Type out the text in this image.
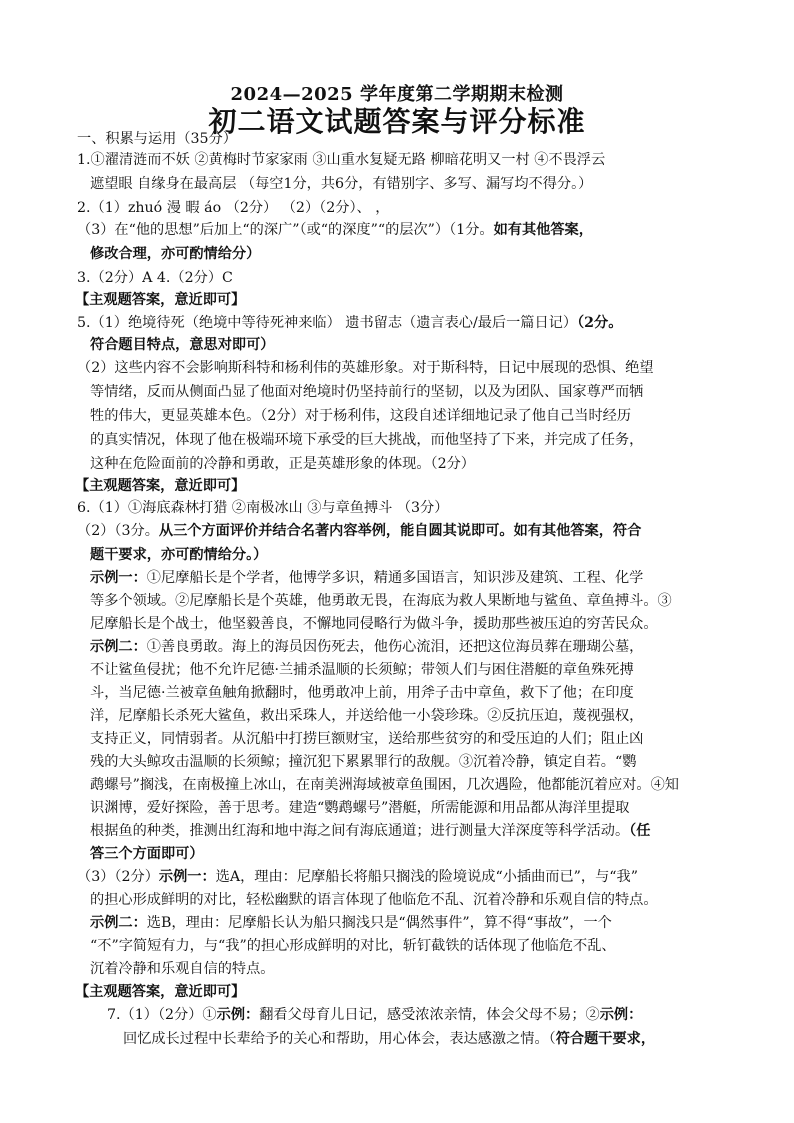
2024—2025 学年度第二学期期末检测
初二语文试题答案与评分标准
一、积累与运用（35分）
1.①濯清涟而不妖 ②黄梅时节家家雨 ③山重水复疑无路 柳暗花明又一村 ④不畏浮云
遮望眼 自缘身在最高层 （每空1分，共6分，有错别字、多写、漏写均不得分。）
2.（1）zhuó 漫 暇 áo （2分） （2）（2分）、 ，
（3）在“他的思想”后加上“的深广”（或“的深度”“的层次”）（1分。如有其他答案，
修改合理，亦可酌情给分）
3.（2分）A 4.（2分）C
【主观题答案，意近即可】
5.（1）绝境待死（绝境中等待死神来临） 遗书留志（遗言表心/最后一篇日记）（2分。
符合题目特点，意思对即可）
（2）这些内容不会影响斯科特和杨利伟的英雄形象。对于斯科特，日记中展现的恐惧、绝望
等情绪，反而从侧面凸显了他面对绝境时仍坚持前行的坚韧，以及为团队、国家尊严而牺
牲的伟大，更显英雄本色。（2分）对于杨利伟，这段自述详细地记录了他自己当时经历
的真实情况，体现了他在极端环境下承受的巨大挑战，而他坚持了下来，并完成了任务，
这种在危险面前的冷静和勇敢，正是英雄形象的体现。（2分）
【主观题答案，意近即可】
6.（1）①海底森林打猎 ②南极冰山 ③与章鱼搏斗 （3分）
（2）（3分。从三个方面评价并结合名著内容举例，能自圆其说即可。如有其他答案，符合
题干要求，亦可酌情给分。）
示例一：①尼摩船长是个学者，他博学多识，精通多国语言，知识涉及建筑、工程、化学
等多个领域。②尼摩船长是个英雄，他勇敢无畏，在海底为救人果断地与鲨鱼、章鱼搏斗。③
尼摩船长是个战士，他坚毅善良，不懈地同侵略行为做斗争，援助那些被压迫的穷苦民众。
示例二：①善良勇敢。海上的海员因伤死去，他伤心流泪，还把这位海员葬在珊瑚公墓，
不让鲨鱼侵扰；他不允许尼德·兰捕杀温顺的长须鲸；带领人们与困住潜艇的章鱼殊死搏
斗，当尼德·兰被章鱼触角掀翻时，他勇敢冲上前，用斧子击中章鱼，救下了他；在印度
洋，尼摩船长杀死大鲨鱼，救出采珠人，并送给他一小袋珍珠。②反抗压迫，蔑视强权，
支持正义，同情弱者。从沉船中打捞巨额财宝，送给那些贫穷的和受压迫的人们；阻止凶
残的大头鲸攻击温顺的长须鲸；撞沉犯下累累罪行的敌舰。③沉着冷静，镇定自若。“鹦
鹉螺号”搁浅，在南极撞上冰山，在南美洲海域被章鱼围困，几次遇险，他都能沉着应对。④知
识渊博，爱好探险，善于思考。建造“鹦鹉螺号”潜艇，所需能源和用品都从海洋里提取
根据鱼的种类，推测出红海和地中海之间有海底通道；进行测量大洋深度等科学活动。（任
答三个方面即可）
（3）（2分）示例一：选A，理由：尼摩船长将船只搁浅的险境说成“小插曲而已”，与“我”
的担心形成鲜明的对比，轻松幽默的语言体现了他临危不乱、沉着冷静和乐观自信的特点。
示例二：选B，理由：尼摩船长认为船只搁浅只是“偶然事件”，算不得“事故”，一个
“不”字简短有力，与“我”的担心形成鲜明的对比，斩钉截铁的话体现了他临危不乱、
沉着冷静和乐观自信的特点。
【主观题答案，意近即可】
7.（1）（2分）①示例：翻看父母育儿日记，感受浓浓亲情，体会父母不易；②示例：
回忆成长过程中长辈给予的关心和帮助，用心体会，表达感激之情。（符合题干要求，
